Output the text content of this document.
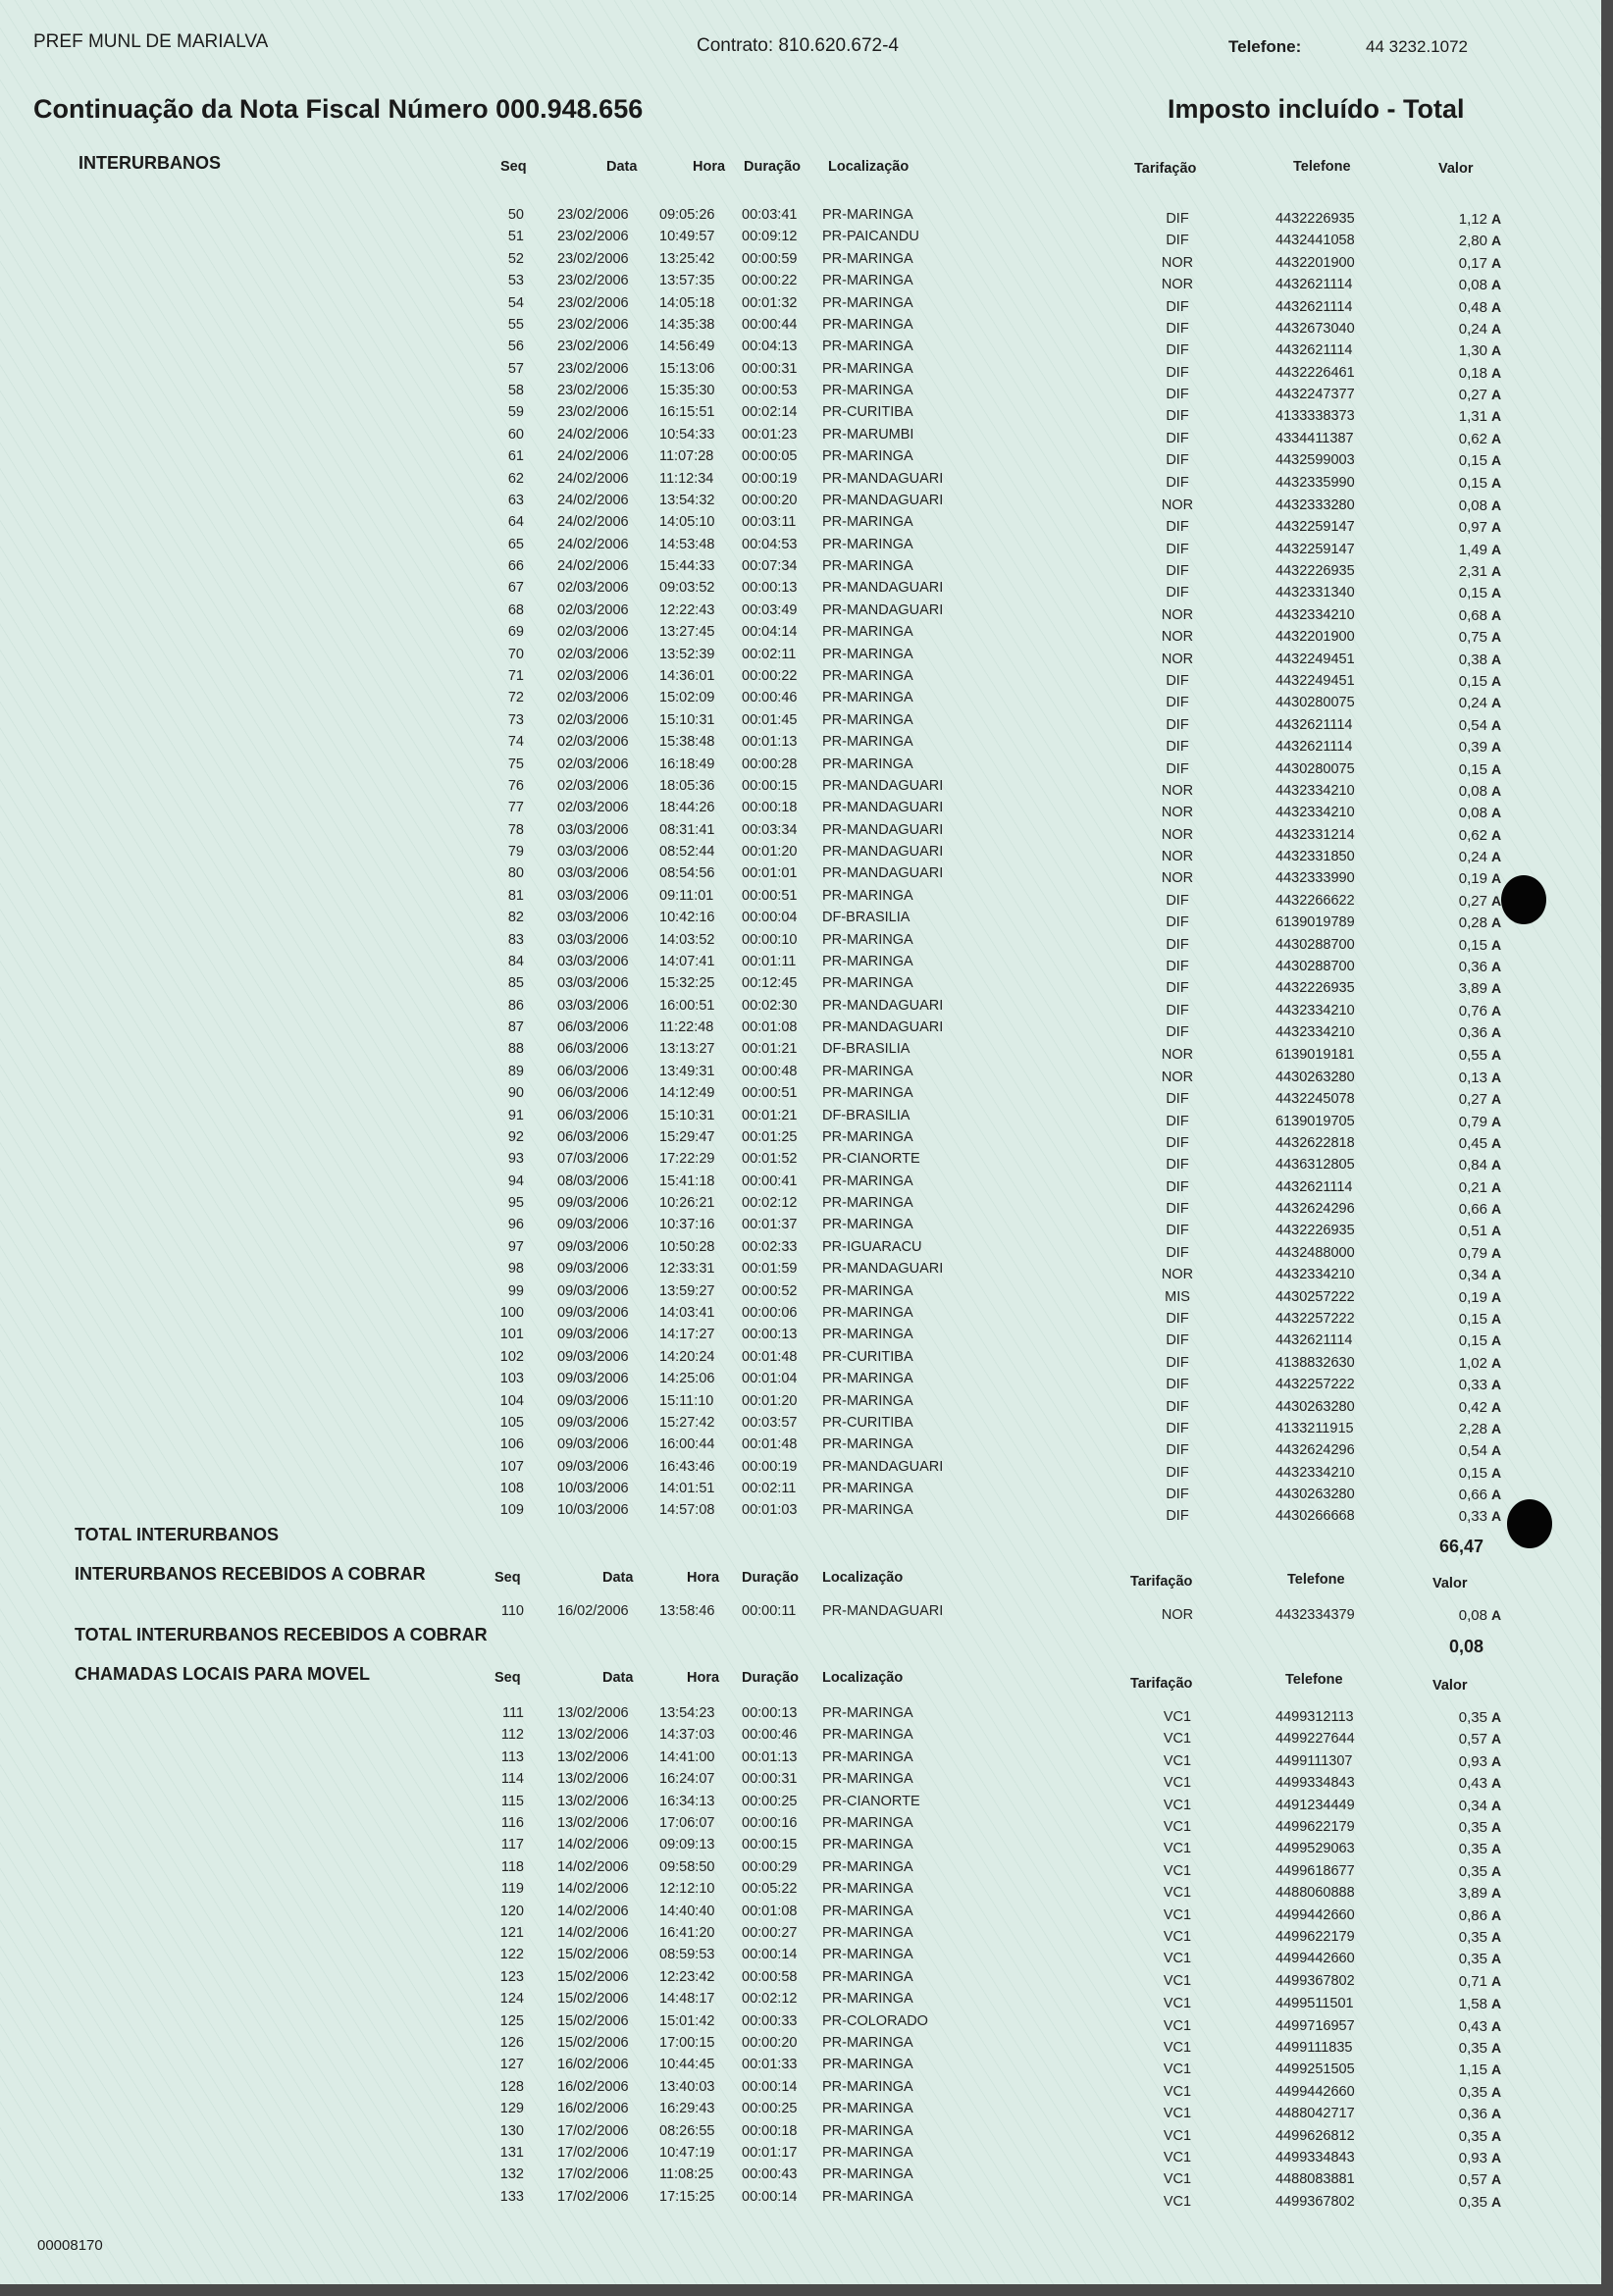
PREF MUNL DE MARIALVA	Contrato: 810.620.672-4	Telefone:	44 3232.1072
Continuação da Nota Fiscal Número 000.948.656	Imposto incluído - Total
INTERURBANOS	Seq	Data	Hora Duração Localização	Tarifação	Telefone	Valor
50 23/02/2006 09:05:26 00:03:41 PR-MARINGA	DIF	4432226935	1,12 A
51 23/02/2006 10:49:57 00:09:12 PR-PAICANDU	DIF	4432441058	2,80 A
52 23/02/2006 13:25:42 00:00:59 PR-MARINGA	NOR	4432201900	0,17 A
53 23/02/2006 13:57:35 00:00:22 PR-MARINGA	NOR	4432621114	0,08 A
54 23/02/2006 14:05:18 00:01:32 PR-MARINGA	DIF	4432621114	0,48 A
55 23/02/2006 14:35:38 00:00:44 PR-MARINGA	DIF	4432673040	0,24 A
56 23/02/2006 14:56:49 00:04:13 PR-MARINGA	DIF	4432621114	1,30 A
57 23/02/2006 15:13:06 00:00:31 PR-MARINGA	DIF	4432226461	0,18 A
58 23/02/2006 15:35:30 00:00:53 PR-MARINGA	DIF	4432247377	0,27 A
59 23/02/2006 16:15:51 00:02:14 PR-CURITIBA	DIF	4133338373	1,31 A
60 24/02/2006 10:54:33 00:01:23 PR-MARUMBI	DIF	4334411387	0,62 A
61 24/02/2006 11:07:28 00:00:05 PR-MARINGA	DIF	4432599003	0,15 A
62 24/02/2006 11:12:34 00:00:19 PR-MANDAGUARI	DIF	4432335990	0,15 A
63 24/02/2006 13:54:32 00:00:20 PR-MANDAGUARI	NOR	4432333280	0,08 A
64 24/02/2006 14:05:10 00:03:11 PR-MARINGA	DIF	4432259147	0,97 A
65 24/02/2006 14:53:48 00:04:53 PR-MARINGA	DIF	4432259147	1,49 A
66 24/02/2006 15:44:33 00:07:34 PR-MARINGA	DIF	4432226935	2,31 A
67 02/03/2006 09:03:52 00:00:13 PR-MANDAGUARI	DIF	4432331340	0,15 A
68 02/03/2006 12:22:43 00:03:49 PR-MANDAGUARI	NOR	4432334210	0,68 A
69 02/03/2006 13:27:45 00:04:14 PR-MARINGA	NOR	4432201900	0,75 A
70 02/03/2006 13:52:39 00:02:11 PR-MARINGA	NOR	4432249451	0,38 A
71 02/03/2006 14:36:01 00:00:22 PR-MARINGA	DIF	4432249451	0,15 A
72 02/03/2006 15:02:09 00:00:46 PR-MARINGA	DIF	4430280075	0,24 A
73 02/03/2006 15:10:31 00:01:45 PR-MARINGA	DIF	4432621114	0,54 A
74 02/03/2006 15:38:48 00:01:13 PR-MARINGA	DIF	4432621114	0,39 A
75 02/03/2006 16:18:49 00:00:28 PR-MARINGA	DIF	4430280075	0,15 A
76 02/03/2006 18:05:36 00:00:15 PR-MANDAGUARI	NOR	4432334210	0,08 A
77 02/03/2006 18:44:26 00:00:18 PR-MANDAGUARI	NOR	4432334210	0,08 A
78 03/03/2006 08:31:41 00:03:34 PR-MANDAGUARI	NOR	4432331214	0,62 A
79 03/03/2006 08:52:44 00:01:20 PR-MANDAGUARI	NOR	4432331850	0,24 A
80 03/03/2006 08:54:56 00:01:01 PR-MANDAGUARI	NOR	4432333990	0,19 A
81 03/03/2006 09:11:01 00:00:51 PR-MARINGA	DIF	4432266622	0,27 A
82 03/03/2006 10:42:16 00:00:04 DF-BRASILIA	DIF	6139019789	0,28 A
83 03/03/2006 14:03:52 00:00:10 PR-MARINGA	DIF	4430288700	0,15 A
84 03/03/2006 14:07:41 00:01:11 PR-MARINGA	DIF	4430288700	0,36 A
85 03/03/2006 15:32:25 00:12:45 PR-MARINGA	DIF	4432226935	3,89 A
86 03/03/2006 16:00:51 00:02:30 PR-MANDAGUARI	DIF	4432334210	0,76 A
87 06/03/2006 11:22:48 00:01:08 PR-MANDAGUARI	DIF	4432334210	0,36 A
88 06/03/2006 13:13:27 00:01:21 DF-BRASILIA	NOR	6139019181	0,55 A
89 06/03/2006 13:49:31 00:00:48 PR-MARINGA	NOR	4430263280	0,13 A
90 06/03/2006 14:12:49 00:00:51 PR-MARINGA	DIF	4432245078	0,27 A
91 06/03/2006 15:10:31 00:01:21 DF-BRASILIA	DIF	6139019705	0,79 A
92 06/03/2006 15:29:47 00:01:25 PR-MARINGA	DIF	4432622818	0,45 A
93 07/03/2006 17:22:29 00:01:52 PR-CIANORTE	DIF	4436312805	0,84 A
94 08/03/2006 15:41:18 00:00:41 PR-MARINGA	DIF	4432621114	0,21 A
95 09/03/2006 10:26:21 00:02:12 PR-MARINGA	DIF	4432624296	0,66 A
96 09/03/2006 10:37:16 00:01:37 PR-MARINGA	DIF	4432226935	0,51 A
97 09/03/2006 10:50:28 00:02:33 PR-IGUARACU	DIF	4432488000	0,79 A
98 09/03/2006 12:33:31 00:01:59 PR-MANDAGUARI	NOR	4432334210	0,34 A
99 09/03/2006 13:59:27 00:00:52 PR-MARINGA	MIS	4430257222	0,19 A
100 09/03/2006 14:03:41 00:00:06 PR-MARINGA	DIF	4432257222	0,15 A
101 09/03/2006 14:17:27 00:00:13 PR-MARINGA	DIF	4432621114	0,15 A
102 09/03/2006 14:20:24 00:01:48 PR-CURITIBA	DIF	4138832630	1,02 A
103 09/03/2006 14:25:06 00:01:04 PR-MARINGA	DIF	4432257222	0,33 A
104 09/03/2006 15:11:10 00:01:20 PR-MARINGA	DIF	4430263280	0,42 A
105 09/03/2006 15:27:42 00:03:57 PR-CURITIBA	DIF	4133211915	2,28 A
106 09/03/2006 16:00:44 00:01:48 PR-MARINGA	DIF	4432624296	0,54 A
107 09/03/2006 16:43:46 00:00:19 PR-MANDAGUARI	DIF	4432334210	0,15 A
108 10/03/2006 14:01:51 00:02:11 PR-MARINGA	DIF	4430263280	0,66 A
109 10/03/2006 14:57:08 00:01:03 PR-MARINGA	DIF	4430266668	0,33 A
TOTAL INTERURBANOS
66,47
INTERURBANOS RECEBIDOS A COBRAR	Seq	Data	Hora Duração Localização	Tarifação	Telefone	Valor
110 16/02/2006 13:58:46 00:00:11 PR-MANDAGUARI	NOR	4432334379	0,08 A
TOTAL INTERURBANOS RECEBIDOS A COBRAR
0,08
CHAMADAS LOCAIS PARA MOVEL	Seq	Data	Hora Duração Localização	Tarifação	Telefone	Valor
111 13/02/2006 13:54:23 00:00:13 PR-MARINGA	VC1	4499312113	0,35 A
112 13/02/2006 14:37:03 00:00:46 PR-MARINGA	VC1	4499227644	0,57 A
113 13/02/2006 14:41:00 00:01:13 PR-MARINGA	VC1	4499111307	0,93 A
114 13/02/2006 16:24:07 00:00:31 PR-MARINGA	VC1	4499334843	0,43 A
115 13/02/2006 16:34:13 00:00:25 PR-CIANORTE	VC1	4491234449	0,34 A
116 13/02/2006 17:06:07 00:00:16 PR-MARINGA	VC1	4499622179	0,35 A
117 14/02/2006 09:09:13 00:00:15 PR-MARINGA	VC1	4499529063	0,35 A
118 14/02/2006 09:58:50 00:00:29 PR-MARINGA	VC1	4499618677	0,35 A
119 14/02/2006 12:12:10 00:05:22 PR-MARINGA	VC1	4488060888	3,89 A
120 14/02/2006 14:40:40 00:01:08 PR-MARINGA	VC1	4499442660	0,86 A
121 14/02/2006 16:41:20 00:00:27 PR-MARINGA	VC1	4499622179	0,35 A
122 15/02/2006 08:59:53 00:00:14 PR-MARINGA	VC1	4499442660	0,35 A
123 15/02/2006 12:23:42 00:00:58 PR-MARINGA	VC1	4499367802	0,71 A
124 15/02/2006 14:48:17 00:02:12 PR-MARINGA	VC1	4499511501	1,58 A
125 15/02/2006 15:01:42 00:00:33 PR-COLORADO	VC1	4499716957	0,43 A
126 15/02/2006 17:00:15 00:00:20 PR-MARINGA	VC1	4499111835	0,35 A
127 16/02/2006 10:44:45 00:01:33 PR-MARINGA	VC1	4499251505	1,15 A
128 16/02/2006 13:40:03 00:00:14 PR-MARINGA	VC1	4499442660	0,35 A
129 16/02/2006 16:29:43 00:00:25 PR-MARINGA	VC1	4488042717	0,36 A
130 17/02/2006 08:26:55 00:00:18 PR-MARINGA	VC1	4499626812	0,35 A
131 17/02/2006 10:47:19 00:01:17 PR-MARINGA	VC1	4499334843	0,93 A
132 17/02/2006 11:08:25 00:00:43 PR-MARINGA	VC1	4488083881	0,57 A
133 17/02/2006 17:15:25 00:00:14 PR-MARINGA	VC1	4499367802	0,35 A
00008170
